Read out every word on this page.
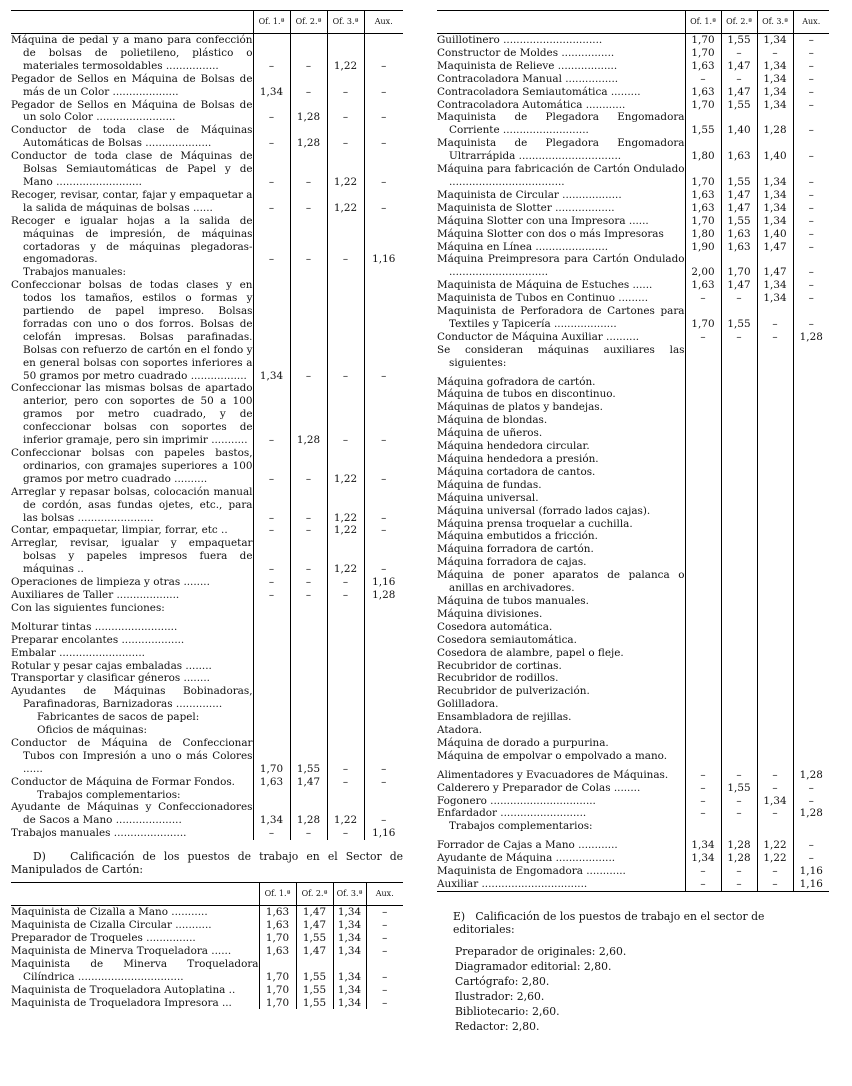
	Of. 1.ª	Of. 2.ª	Of. 3.ª	Aux.
Máquina de pedal y a mano para confección de bolsas de polietileno, plástico o materiales termosoldables ................	–	–	1,22	–
Pegador de Sellos en Máquina de Bolsas de más de un Color ....................	1,34	–	–	–
Pegador de Sellos en Máquina de Bolsas de un solo Color ........................	–	1,28	–	–
Conductor de toda clase de Máquinas Automáticas de Bolsas ....................	–	1,28	–	–
Conductor de toda clase de Máquinas de Bolsas Semiautomáticas de Papel y de Mano ..........................	–	–	1,22	–
Recoger, revisar, contar, fajar y empaquetar a la salida de máquinas de bolsas ......	–	–	1,22	–
Recoger e igualar hojas a la salida de máquinas de impresión, de máquinas cortadoras y de máquinas plegadoras-engomadoras.	–	–	–	1,16
Trabajos manuales:				
Confeccionar bolsas de todas clases y en todos los tamaños, estilos o formas y partiendo de papel impreso. Bolsas forradas con uno o dos forros. Bolsas de celofán impresas. Bolsas parafinadas. Bolsas con refuerzo de cartón en el fondo y en general bolsas con soportes inferiores a 50 gramos por metro cuadrado .................	1,34	–	–	–
Confeccionar las mismas bolsas de apartado anterior, pero con soportes de 50 a 100 gramos por metro cuadrado, y de confeccionar bolsas con soportes de inferior gramaje, pero sin imprimir ...........	–	1,28	–	–
Confeccionar bolsas con papeles bastos, ordinarios, con gramajes superiores a 100 gramos por metro cuadrado ..........	–	–	1,22	–
Arreglar y repasar bolsas, colocación manual de cordón, asas fundas ojetes, etc., para las bolsas .......................	–	–	1,22	–
Contar, empaquetar, limpiar, forrar, etc ..	–	–	1,22	–
Arreglar, revisar, igualar y empaquetar bolsas y papeles impresos fuera de máquinas ..	–	–	1,22	–
Operaciones de limpieza y otras ........	–	–	–	1,16
Auxiliares de Taller ...................	–	–	–	1,28
Con las siguientes funciones:				
Molturar tintas .........................				
Preparar encolantes ...................				
Embalar ..........................				
Rotular y pesar cajas embaladas ........				
Transportar y clasificar géneros ........				
Ayudantes de Máquinas Bobinadoras, Parafinadoras, Barnizadoras ..............				
Fabricantes de sacos de papel:				
Oficios de máquinas:				
Conductor de Máquina de Confeccionar Tubos con Impresión a uno o más Colores ......	1,70	1,55	–	–
Conductor de Máquina de Formar Fondos.	1,63	1,47	–	–
Trabajos complementarios:				
Ayudante de Máquinas y Confeccionadores de Sacos a Mano ....................	1,34	1,28	1,22	–
Trabajos manuales ......................	–	–	–	1,16
D) Calificación de los puestos de trabajo en el Sector de Manipulados de Cartón:
	Of. 1.ª	Of. 2.ª	Of. 3.ª	Aux.
Maquinista de Cizalla a Mano ...........	1,63	1,47	1,34	–
Maquinista de Cizalla Circular ...........	1,63	1,47	1,34	–
Preparador de Troqueles ...............	1,70	1,55	1,34	–
Maquinista de Minerva Troqueladora ......	1,63	1,47	1,34	–
Maquinista de Minerva Troqueladora Cilíndrica ................................	1,70	1,55	1,34	–
Maquinista de Troqueladora Autoplatina ..	1,70	1,55	1,34	–
Maquinista de Troqueladora Impresora ...	1,70	1,55	1,34	–
	Of. 1.ª	Of. 2.ª	Of. 3.ª	Aux.
Guillotinero ..............................	1,70	1,55	1,34	–
Constructor de Moldes ................	1,70	–	–	–
Maquinista de Relieve ..................	1,63	1,47	1,34	–
Contracoladora Manual ................	–	–	1,34	–
Contracoladora Semiautomática .........	1,63	1,47	1,34	–
Contracoladora Automática ............	1,70	1,55	1,34	–
Maquinista de Plegadora Engomadora Corriente ..........................	1,55	1,40	1,28	–
Maquinista de Plegadora Engomadora Ultrarrápida ...............................	1,80	1,63	1,40	–
Máquina para fabricación de Cartón Ondulado ...................................	1,70	1,55	1,34	–
Maquinista de Circular ..................	1,63	1,47	1,34	–
Maquinista de Slotter ..................	1,63	1,47	1,34	–
Máquina Slotter con una Impresora ......	1,70	1,55	1,34	–
Máquina Slotter con dos o más Impresoras	1,80	1,63	1,40	–
Máquina en Línea ......................	1,90	1,63	1,47	–
Máquina Preimpresora para Cartón Ondulado ..............................	2,00	1,70	1,47	–
Maquinista de Máquina de Estuches ......	1,63	1,47	1,34	–
Maquinista de Tubos en Continuo .........	–	–	1,34	–
Maquinista de Perforadora de Cartones para Textiles y Tapicería ...................	1,70	1,55	–	–
Conductor de Máquina Auxiliar ..........	–	–	–	1,28
Se consideran máquinas auxiliares las siguientes:				
Máquina gofradora de cartón.				
Máquina de tubos en discontinuo.				
Máquinas de platos y bandejas.				
Máquina de blondas.				
Máquina de uñeros.				
Máquina hendedora circular.				
Máquina hendedora a presión.				
Máquina cortadora de cantos.				
Máquina de fundas.				
Máquina universal.				
Máquina universal (forrado lados cajas).				
Máquina prensa troquelar a cuchilla.				
Máquina embutidos a fricción.				
Máquina forradora de cartón.				
Máquina forradora de cajas.				
Máquina de poner aparatos de palanca o anillas en archivadores.				
Máquina de tubos manuales.				
Máquina divisiones.				
Cosedora automática.				
Cosedora semiautomática.				
Cosedora de alambre, papel o fleje.				
Recubridor de cortinas.				
Recubridor de rodillos.				
Recubridor de pulverización.				
Golilladora.				
Ensambladora de rejillas.				
Atadora.				
Máquina de dorado a purpurina.				
Máquina de empolvar o empolvado a mano.				
Alimentadores y Evacuadores de Máquinas.	–	–	–	1,28
Calderero y Preparador de Colas ........	–	1,55	–	–
Fogonero ................................	–	–	1,34	–
Enfardador ..........................	–	–	–	1,28
Trabajos complementarios:				
Forrador de Cajas a Mano ............	1,34	1,28	1,22	–
Ayudante de Máquina ..................	1,34	1,28	1,22	–
Maquinista de Engomadora ............	–	–	–	1,16
Auxiliar ................................	–	–	–	1,16
E) Calificación de los puestos de trabajo en el sector de editoriales:

Preparador de originales: 2,60.

Diagramador editorial: 2,80.

Cartógrafo: 2,80.

Ilustrador: 2,60.

Bibliotecario: 2,60.

Redactor: 2,80.
